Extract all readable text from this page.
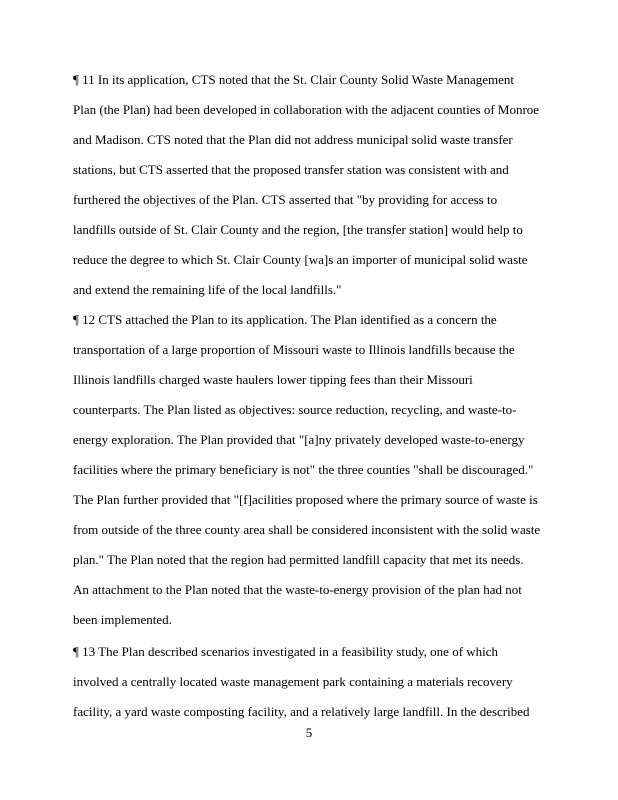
¶ 11 In its application, CTS noted that the St. Clair County Solid Waste Management
Plan (the Plan) had been developed in collaboration with the adjacent counties of Monroe
and Madison. CTS noted that the Plan did not address municipal solid waste transfer
stations, but CTS asserted that the proposed transfer station was consistent with and
furthered the objectives of the Plan. CTS asserted that "by providing for access to
landfills outside of St. Clair County and the region, [the transfer station] would help to
reduce the degree to which St. Clair County [wa]s an importer of municipal solid waste
and extend the remaining life of the local landfills."
¶ 12 CTS attached the Plan to its application. The Plan identified as a concern the
transportation of a large proportion of Missouri waste to Illinois landfills because the
Illinois landfills charged waste haulers lower tipping fees than their Missouri
counterparts. The Plan listed as objectives: source reduction, recycling, and waste-to-
energy exploration. The Plan provided that "[a]ny privately developed waste-to-energy
facilities where the primary beneficiary is not" the three counties "shall be discouraged."
The Plan further provided that "[f]acilities proposed where the primary source of waste is
from outside of the three county area shall be considered inconsistent with the solid waste
plan." The Plan noted that the region had permitted landfill capacity that met its needs.
An attachment to the Plan noted that the waste-to-energy provision of the plan had not
been implemented.
¶ 13 The Plan described scenarios investigated in a feasibility study, one of which
involved a centrally located waste management park containing a materials recovery
facility, a yard waste composting facility, and a relatively large landfill. In the described
5
